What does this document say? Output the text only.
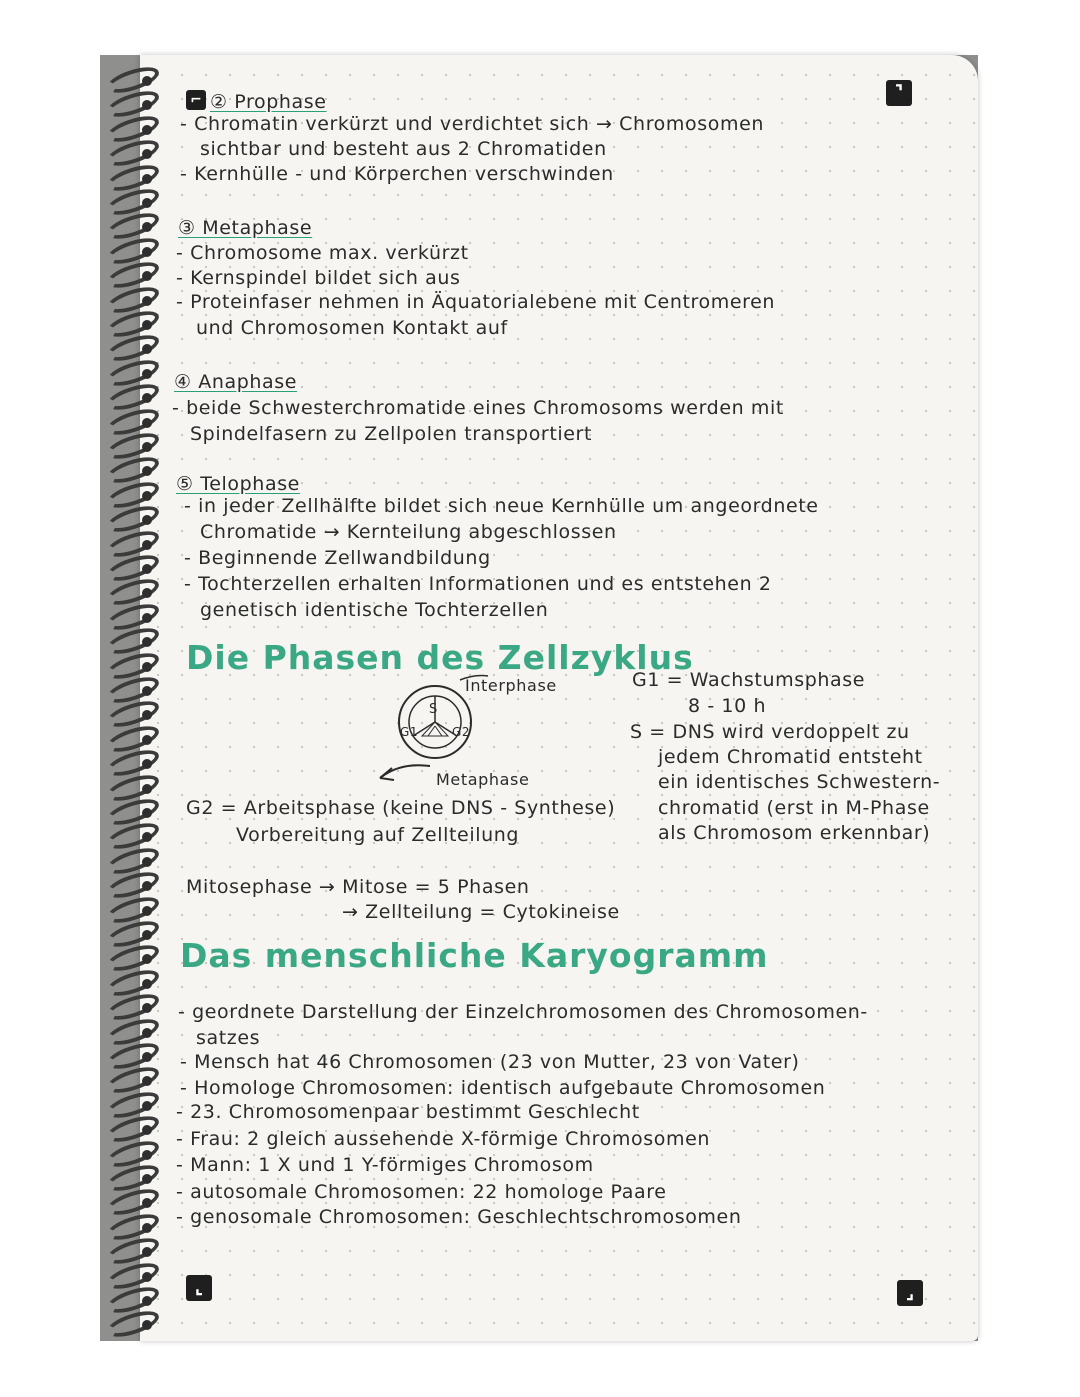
⌐	⌝
⌞	⌟
② Prophase
- Chromatin verkürzt und verdichtet sich → Chromosomen
sichtbar und besteht aus 2 Chromatiden
- Kernhülle - und Körperchen verschwinden
③ Metaphase
- Chromosome max. verkürzt
- Kernspindel bildet sich aus
- Proteinfaser nehmen in Äquatorialebene mit Centromeren
und Chromosomen Kontakt auf
④ Anaphase
- beide Schwesterchromatide eines Chromosoms werden mit
Spindelfasern zu Zellpolen transportiert
⑤ Telophase
- in jeder Zellhälfte bildet sich neue Kernhülle um angeordnete
Chromatide → Kernteilung abgeschlossen
- Beginnende Zellwandbildung
- Tochterzellen erhalten Informationen und es entstehen 2
genetisch identische Tochterzellen
Die Phasen des Zellzyklus
Interphase
S
G1	G2
Metaphase
G1 = Wachstumsphase
8 - 10 h
S = DNS wird verdoppelt zu
jedem Chromatid entsteht
ein identisches Schwestern-
chromatid (erst in M-Phase
als Chromosom erkennbar)
G2 = Arbeitsphase (keine DNS - Synthese)
Vorbereitung auf Zellteilung
Mitosephase → Mitose = 5 Phasen
→ Zellteilung = Cytokineise
Das menschliche Karyogramm
- geordnete Darstellung der Einzelchromosomen des Chromosomen-
satzes
- Mensch hat 46 Chromosomen (23 von Mutter, 23 von Vater)
- Homologe Chromosomen: identisch aufgebaute Chromosomen
- 23. Chromosomenpaar bestimmt Geschlecht
- Frau: 2 gleich aussehende X-förmige Chromosomen
- Mann: 1 X und 1 Y-förmiges Chromosom
- autosomale Chromosomen: 22 homologe Paare
- genosomale Chromosomen: Geschlechtschromosomen
